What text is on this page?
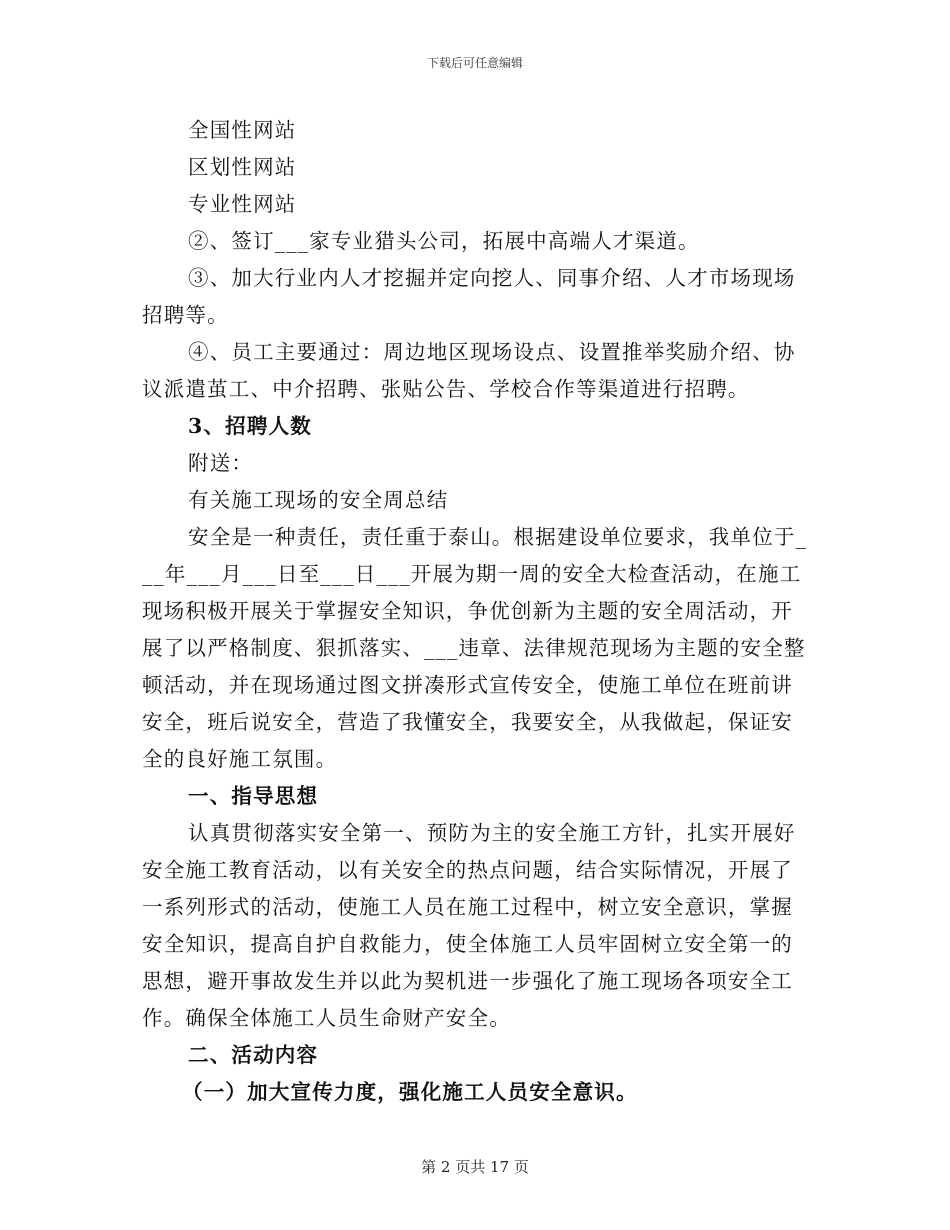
下载后可任意编辑
全国性网站
区划性网站
专业性网站
②、签订___家专业猎头公司，拓展中高端人才渠道。
③、加大行业内人才挖掘并定向挖人、同事介绍、人才市场现场
招聘等。
④、员工主要通过：周边地区现场设点、设置推举奖励介绍、协
议派遣茧工、中介招聘、张贴公告、学校合作等渠道进行招聘。
3、招聘人数
附送：
有关施工现场的安全周总结
安全是一种责任，责任重于泰山。根据建设单位要求，我单位于_
__年___月___日至___日___开展为期一周的安全大检查活动，在施工
现场积极开展关于掌握安全知识，争优创新为主题的安全周活动，开
展了以严格制度、狠抓落实、___违章、法律规范现场为主题的安全整
顿活动，并在现场通过图文拼凑形式宣传安全，使施工单位在班前讲
安全，班后说安全，营造了我懂安全，我要安全，从我做起，保证安
全的良好施工氛围。
一、指导思想
认真贯彻落实安全第一、预防为主的安全施工方针，扎实开展好
安全施工教育活动，以有关安全的热点问题，结合实际情况，开展了
一系列形式的活动，使施工人员在施工过程中，树立安全意识，掌握
安全知识，提高自护自救能力，使全体施工人员牢固树立安全第一的
思想，避开事故发生并以此为契机进一步强化了施工现场各项安全工
作。确保全体施工人员生命财产安全。
二、活动内容
（一）加大宣传力度，强化施工人员安全意识。
第 2 页共 17 页
